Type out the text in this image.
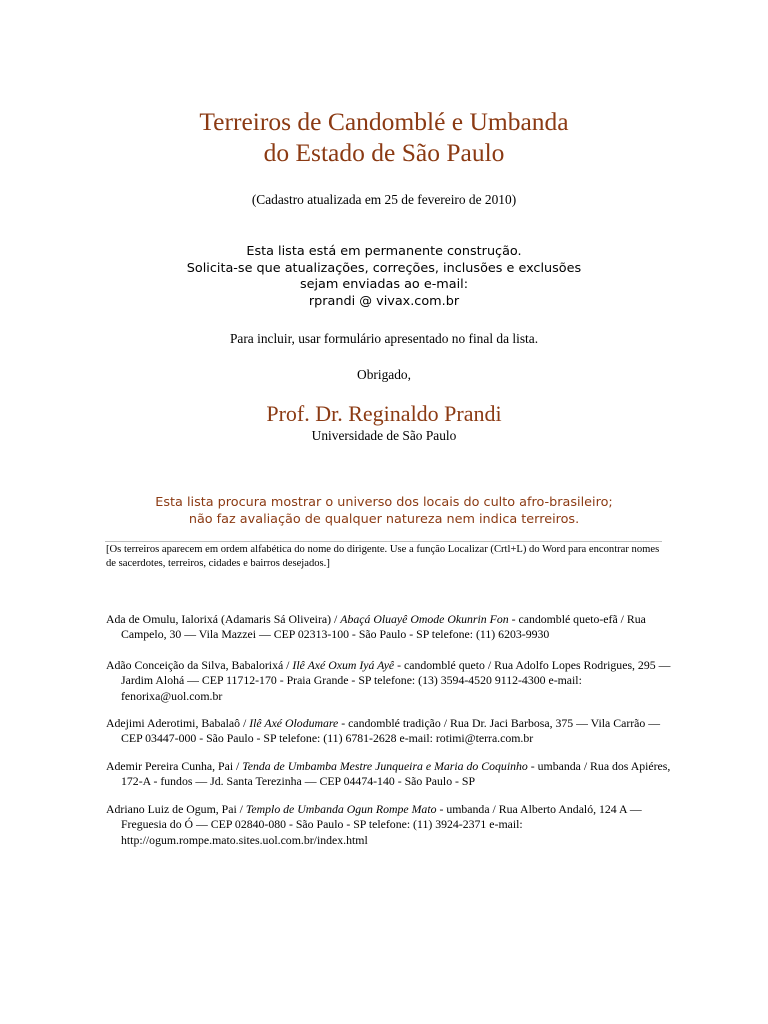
Terreiros de Candomblé e Umbanda
do Estado de São Paulo
(Cadastro atualizada em 25 de fevereiro de 2010)
Esta lista está em permanente construção.
Solicita-se que atualizações, correções, inclusões e exclusões
sejam enviadas ao e-mail:
rprandi @ vivax.com.br
Para incluir, usar formulário apresentado no final da lista.
Obrigado,
Prof. Dr. Reginaldo Prandi
Universidade de São Paulo
Esta lista procura mostrar o universo dos locais do culto afro-brasileiro;
não faz avaliação de qualquer natureza nem indica terreiros.
[Os terreiros aparecem em ordem alfabética do nome do dirigente. Use a função Localizar (Crtl+L) do Word para encontrar nomes de sacerdotes, terreiros, cidades e bairros desejados.]
Ada de Omulu, Ialorixá (Adamaris Sá Oliveira) / Abaçá Oluayê Omode Okunrin Fon - candomblé queto-efã / Rua Campelo, 30 — Vila Mazzei — CEP 02313-100 - São Paulo - SP telefone: (11) 6203-9930
Adão Conceição da Silva, Babalorixá / Ilê Axé Oxum Iyá Ayê - candomblé queto / Rua Adolfo Lopes Rodrigues, 295 — Jardim Alohá — CEP 11712-170 - Praia Grande - SP telefone: (13) 3594-4520 9112-4300 e-mail: fenorixa@uol.com.br
Adejimi Aderotimi, Babalaô / Ilê Axé Olodumare - candomblé tradição / Rua Dr. Jaci Barbosa, 375 — Vila Carrão — CEP 03447-000 - São Paulo - SP telefone: (11) 6781-2628 e-mail: rotimi@terra.com.br
Ademir Pereira Cunha, Pai / Tenda de Umbamba Mestre Junqueira e Maria do Coquinho - umbanda / Rua dos Apiéres, 172-A - fundos — Jd. Santa Terezinha — CEP 04474-140 - São Paulo - SP
Adriano Luiz de Ogum, Pai / Templo de Umbanda Ogun Rompe Mato - umbanda / Rua Alberto Andaló, 124 A — Freguesia do Ó — CEP 02840-080 - São Paulo - SP telefone: (11) 3924-2371 e-mail: http://ogum.rompe.mato.sites.uol.com.br/index.html
